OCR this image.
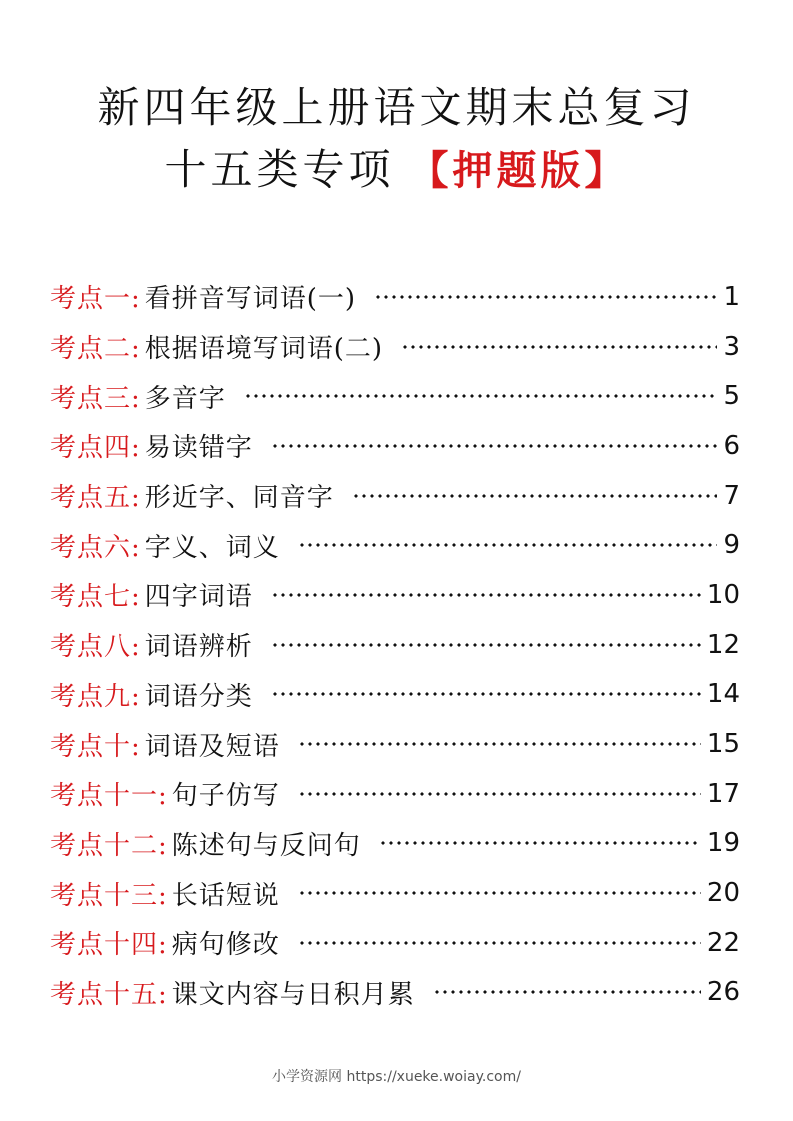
新四年级上册语文期末总复习
十五类专项 【押题版】
考点一: 看拼音写词语(一)	1
考点二: 根据语境写词语(二)	3
考点三: 多音字	5
考点四: 易读错字	6
考点五: 形近字、同音字	7
考点六: 字义、词义	9
考点七: 四字词语	10
考点八: 词语辨析	12
考点九: 词语分类	14
考点十: 词语及短语	15
考点十一: 句子仿写	17
考点十二: 陈述句与反问句	19
考点十三: 长话短说	20
考点十四: 病句修改	22
考点十五: 课文内容与日积月累	26
小学资源网 https://xueke.woiay.com/
